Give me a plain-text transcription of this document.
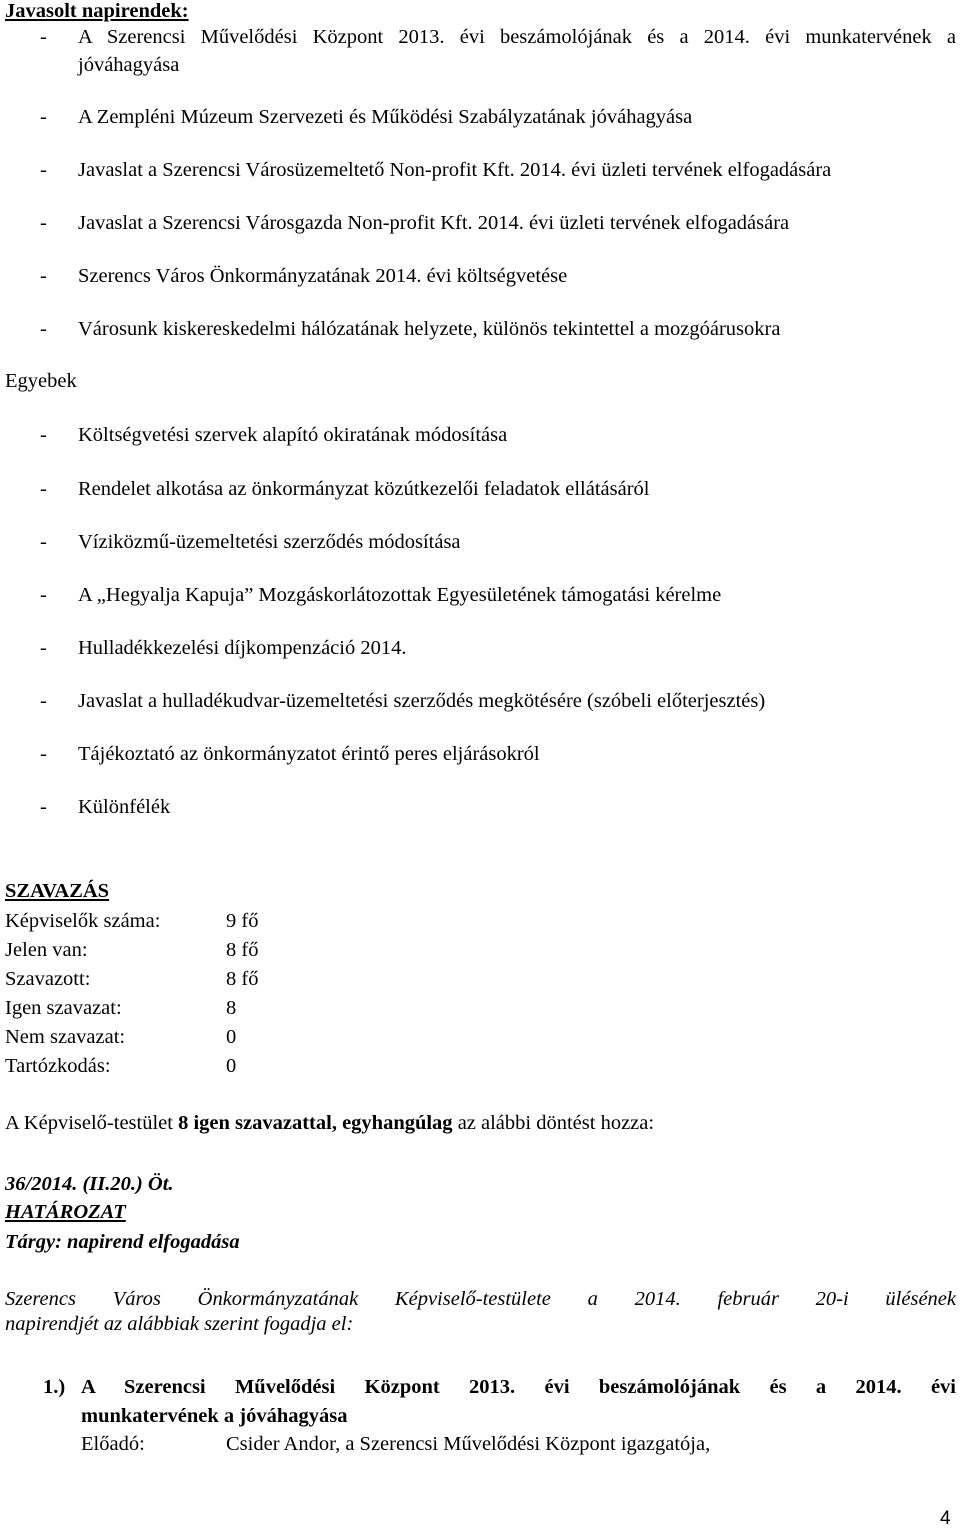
Javasolt napirendek:
- A Szerencsi Művelődési Központ 2013. évi beszámolójának és a 2014. évi munkatervének a
jóváhagyása
- A Zempléni Múzeum Szervezeti és Működési Szabályzatának jóváhagyása
- Javaslat a Szerencsi Városüzemeltető Non-profit Kft. 2014. évi üzleti tervének elfogadására
- Javaslat a Szerencsi Városgazda Non-profit Kft. 2014. évi üzleti tervének elfogadására
- Szerencs Város Önkormányzatának 2014. évi költségvetése
- Városunk kiskereskedelmi hálózatának helyzete, különös tekintettel a mozgóárusokra
Egyebek
- Költségvetési szervek alapító okiratának módosítása
- Rendelet alkotása az önkormányzat közútkezelői feladatok ellátásáról
- Víziközmű-üzemeltetési szerződés módosítása
- A „Hegyalja Kapuja” Mozgáskorlátozottak Egyesületének támogatási kérelme
- Hulladékkezelési díjkompenzáció 2014.
- Javaslat a hulladékudvar-üzemeltetési szerződés megkötésére (szóbeli előterjesztés)
- Tájékoztató az önkormányzatot érintő peres eljárásokról
- Különfélék
SZAVAZÁS
Képviselők száma:	9 fő
Jelen van:	8 fő
Szavazott:	8 fő
Igen szavazat:	8
Nem szavazat:	0
Tartózkodás:	0
A Képviselő-testület 8 igen szavazattal, egyhangúlag az alábbi döntést hozza:
36/2014. (II.20.) Öt.
HATÁROZAT
Tárgy: napirend elfogadása
Szerencs Város Önkormányzatának Képviselő-testülete a 2014. február 20-i ülésének
napirendjét az alábbiak szerint fogadja el:
1.) A Szerencsi Művelődési Központ 2013. évi beszámolójának és a 2014. évi
munkatervének a jóváhagyása
Előadó:	Csider Andor, a Szerencsi Művelődési Központ igazgatója,
4
